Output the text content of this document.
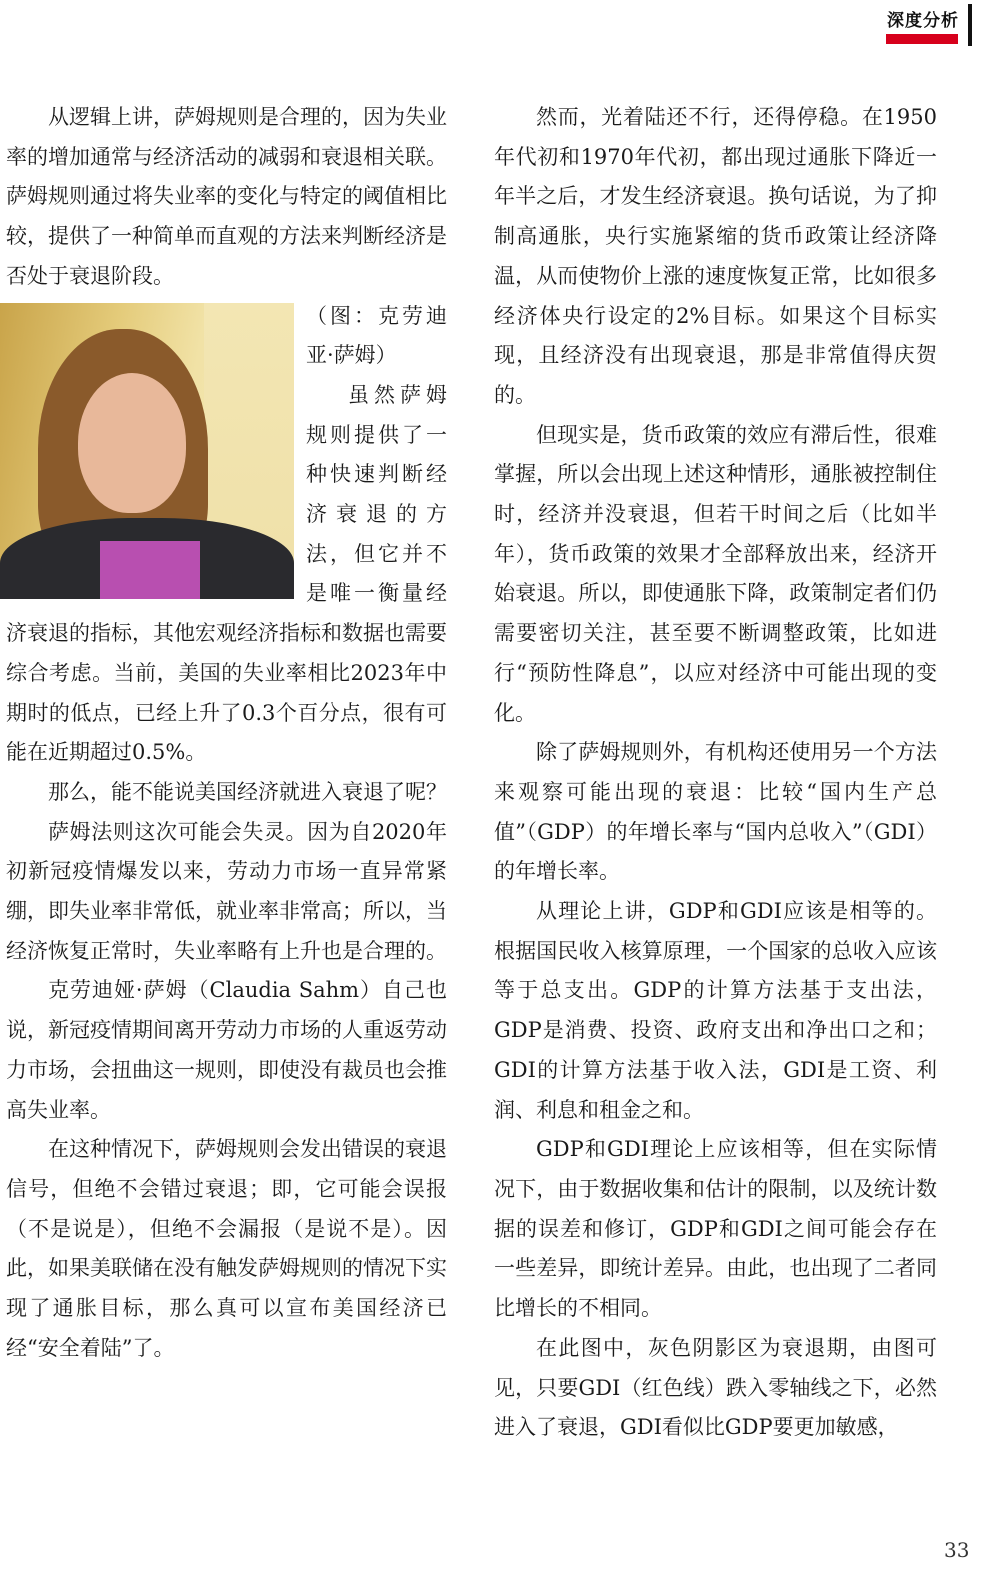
深度分析

从逻辑上讲，萨姆规则是合理的，因为失业率的增加通常与经济活动的减弱和衰退相关联。萨姆规则通过将失业率的变化与特定的阈值相比较，提供了一种简单而直观的方法来判断经济是否处于衰退阶段。

（图：克劳迪亚·萨姆）

虽然萨姆规则提供了一种快速判断经济衰退的方法，但它并不是唯一衡量经济衰退的指标，其他宏观经济指标和数据也需要综合考虑。当前，美国的失业率相比2023年中期时的低点，已经上升了0.3个百分点，很有可能在近期超过0.5%。

那么，能不能说美国经济就进入衰退了呢？

萨姆法则这次可能会失灵。因为自2020年初新冠疫情爆发以来，劳动力市场一直异常紧绷，即失业率非常低，就业率非常高；所以，当经济恢复正常时，失业率略有上升也是合理的。

克劳迪娅·萨姆（Claudia Sahm）自己也说，新冠疫情期间离开劳动力市场的人重返劳动力市场，会扭曲这一规则，即使没有裁员也会推高失业率。

在这种情况下，萨姆规则会发出错误的衰退信号，但绝不会错过衰退；即，它可能会误报（不是说是），但绝不会漏报（是说不是）。因此，如果美联储在没有触发萨姆规则的情况下实现了通胀目标，那么真可以宣布美国经济已经“安全着陆”了。

然而，光着陆还不行，还得停稳。在1950年代初和1970年代初，都出现过通胀下降近一年半之后，才发生经济衰退。换句话说，为了抑制高通胀，央行实施紧缩的货币政策让经济降温，从而使物价上涨的速度恢复正常，比如很多经济体央行设定的2%目标。如果这个目标实现，且经济没有出现衰退，那是非常值得庆贺的。

但现实是，货币政策的效应有滞后性，很难掌握，所以会出现上述这种情形，通胀被控制住时，经济并没衰退，但若干时间之后（比如半年），货币政策的效果才全部释放出来，经济开始衰退。所以，即使通胀下降，政策制定者们仍需要密切关注，甚至要不断调整政策，比如进行“预防性降息”，以应对经济中可能出现的变化。

除了萨姆规则外，有机构还使用另一个方法来观察可能出现的衰退：比较“国内生产总值”（GDP）的年增长率与“国内总收入”（GDI）的年增长率。

从理论上讲，GDP和GDI应该是相等的。根据国民收入核算原理，一个国家的总收入应该等于总支出。GDP的计算方法基于支出法，GDP是消费、投资、政府支出和净出口之和；GDI的计算方法基于收入法，GDI是工资、利润、利息和租金之和。

GDP和GDI理论上应该相等，但在实际情况下，由于数据收集和估计的限制，以及统计数据的误差和修订，GDP和GDI之间可能会存在一些差异，即统计差异。由此，也出现了二者同比增长的不相同。

在此图中，灰色阴影区为衰退期，由图可见，只要GDI（红色线）跌入零轴线之下，必然进入了衰退，GDI看似比GDP要更加敏感，

33
